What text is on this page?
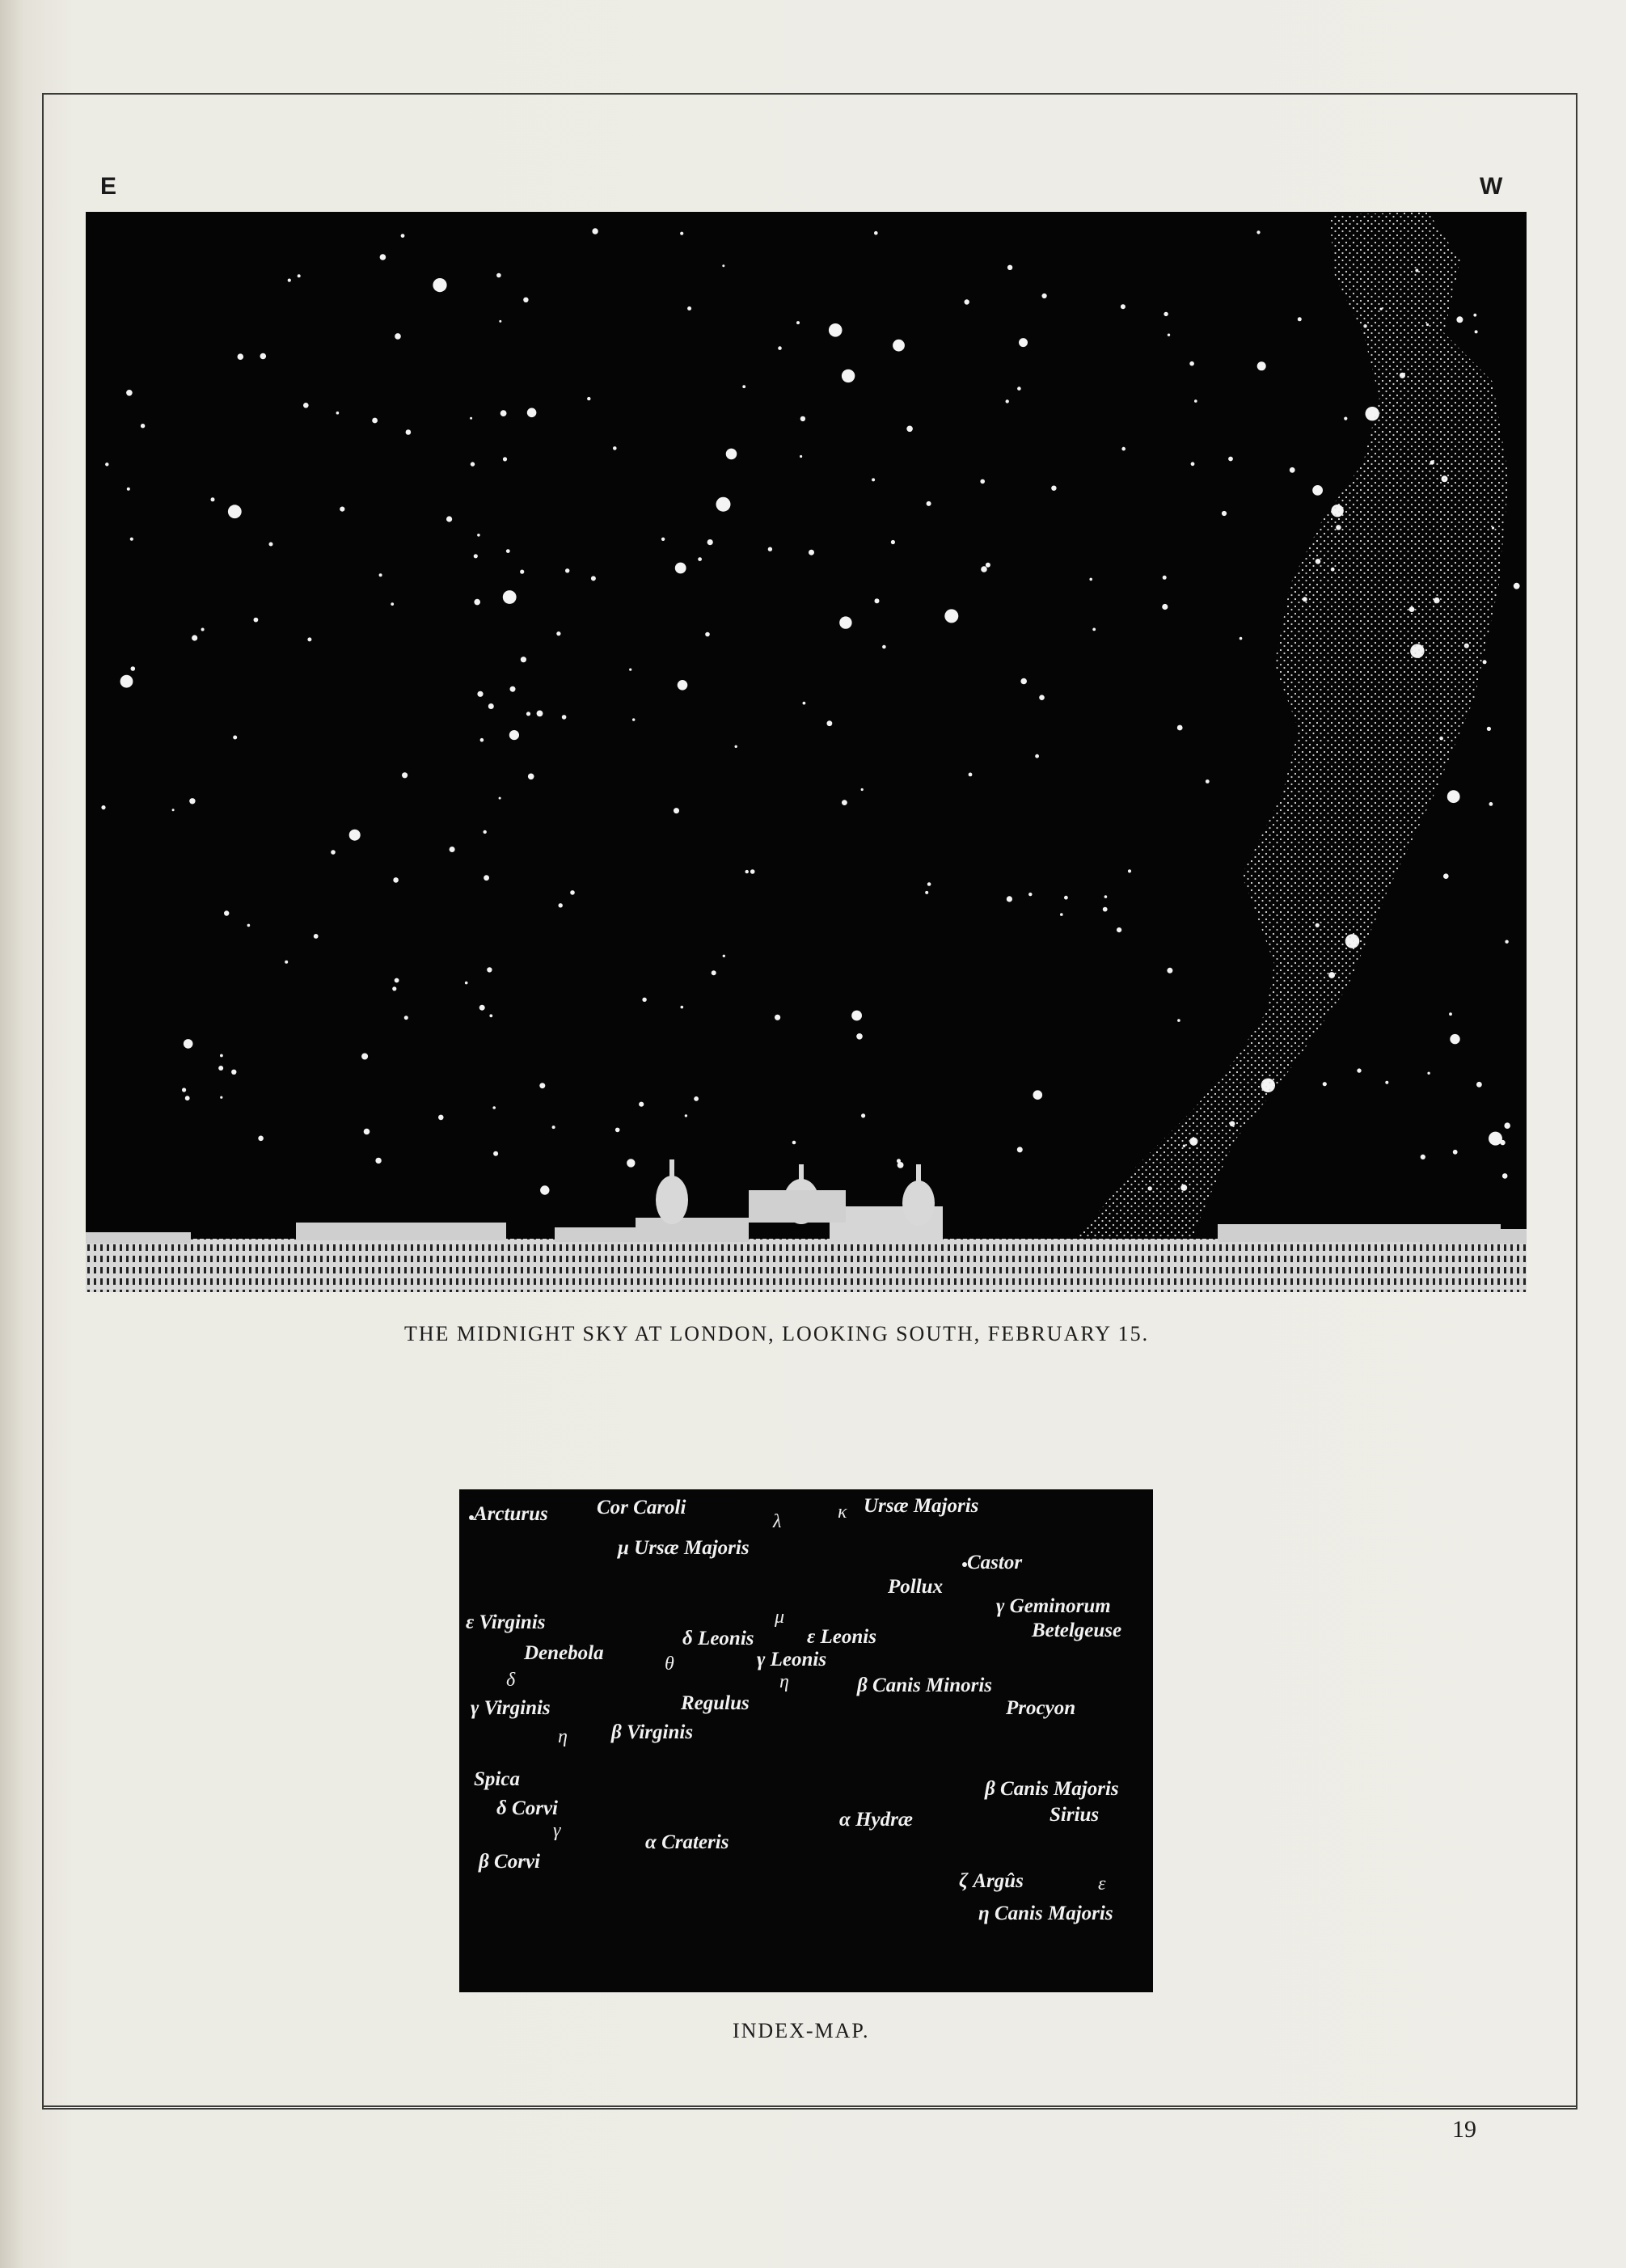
E	W
THE MIDNIGHT SKY AT LONDON, LOOKING SOUTH, FEBRUARY 15.
Arcturus Cor Caroli	κ Ursæ Majoris
λ
μ Ursæ Majoris
Castor
Pollux
γ Geminorum
Betelgeuse
ε Virginis
Denebola
δ Leonis
μ
ε Leonis
θ	γ Leonis
η
δ	β Canis Minoris
Procyon
γ Virginis	Regulus
η β Virginis
Spica
δ Corvi
γ
β Corvi
α Crateris
α Hydræ
β Canis Majoris
Sirius
ζ Argûs	ε
η Canis Majoris
INDEX-MAP.
19
